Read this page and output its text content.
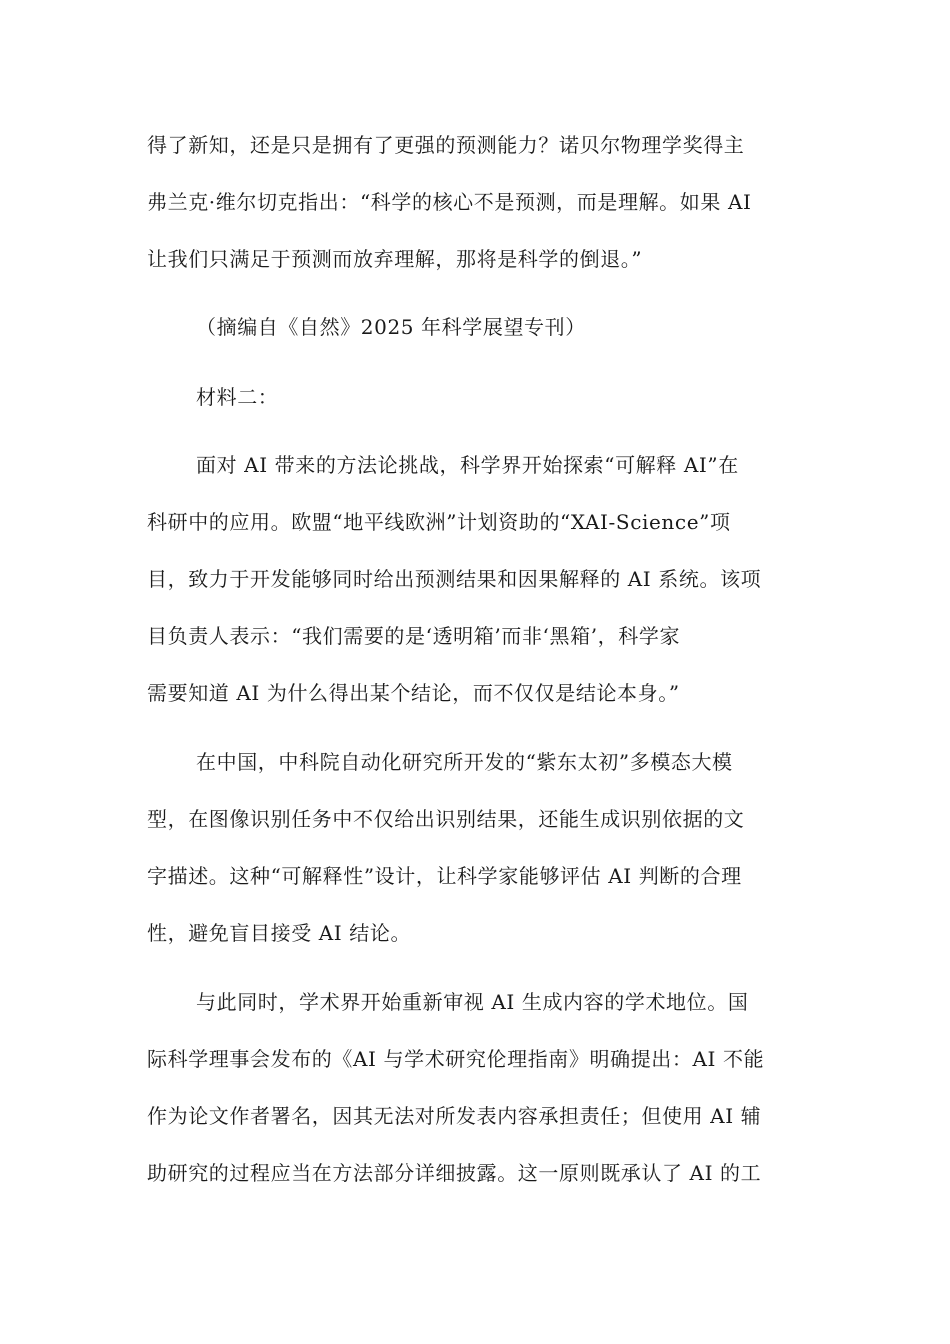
得了新知，还是只是拥有了更强的预测能力？诺贝尔物理学奖得主
弗兰克·维尔切克指出：“科学的核心不是预测，而是理解。如果 AI
让我们只满足于预测而放弃理解，那将是科学的倒退。”
（摘编自《自然》2025 年科学展望专刊）
材料二：
面对 AI 带来的方法论挑战，科学界开始探索“可解释 AI”在
科研中的应用。欧盟“地平线欧洲”计划资助的“XAI-Science”项
目，致力于开发能够同时给出预测结果和因果解释的 AI 系统。该项
目负责人表示：“我们需要的是‘透明箱’而非‘黑箱’，科学家
需要知道 AI 为什么得出某个结论，而不仅仅是结论本身。”
在中国，中科院自动化研究所开发的“紫东太初”多模态大模
型，在图像识别任务中不仅给出识别结果，还能生成识别依据的文
字描述。这种“可解释性”设计，让科学家能够评估 AI 判断的合理
性，避免盲目接受 AI 结论。
与此同时，学术界开始重新审视 AI 生成内容的学术地位。国
际科学理事会发布的《AI 与学术研究伦理指南》明确提出：AI 不能
作为论文作者署名，因其无法对所发表内容承担责任；但使用 AI 辅
助研究的过程应当在方法部分详细披露。这一原则既承认了 AI 的工
